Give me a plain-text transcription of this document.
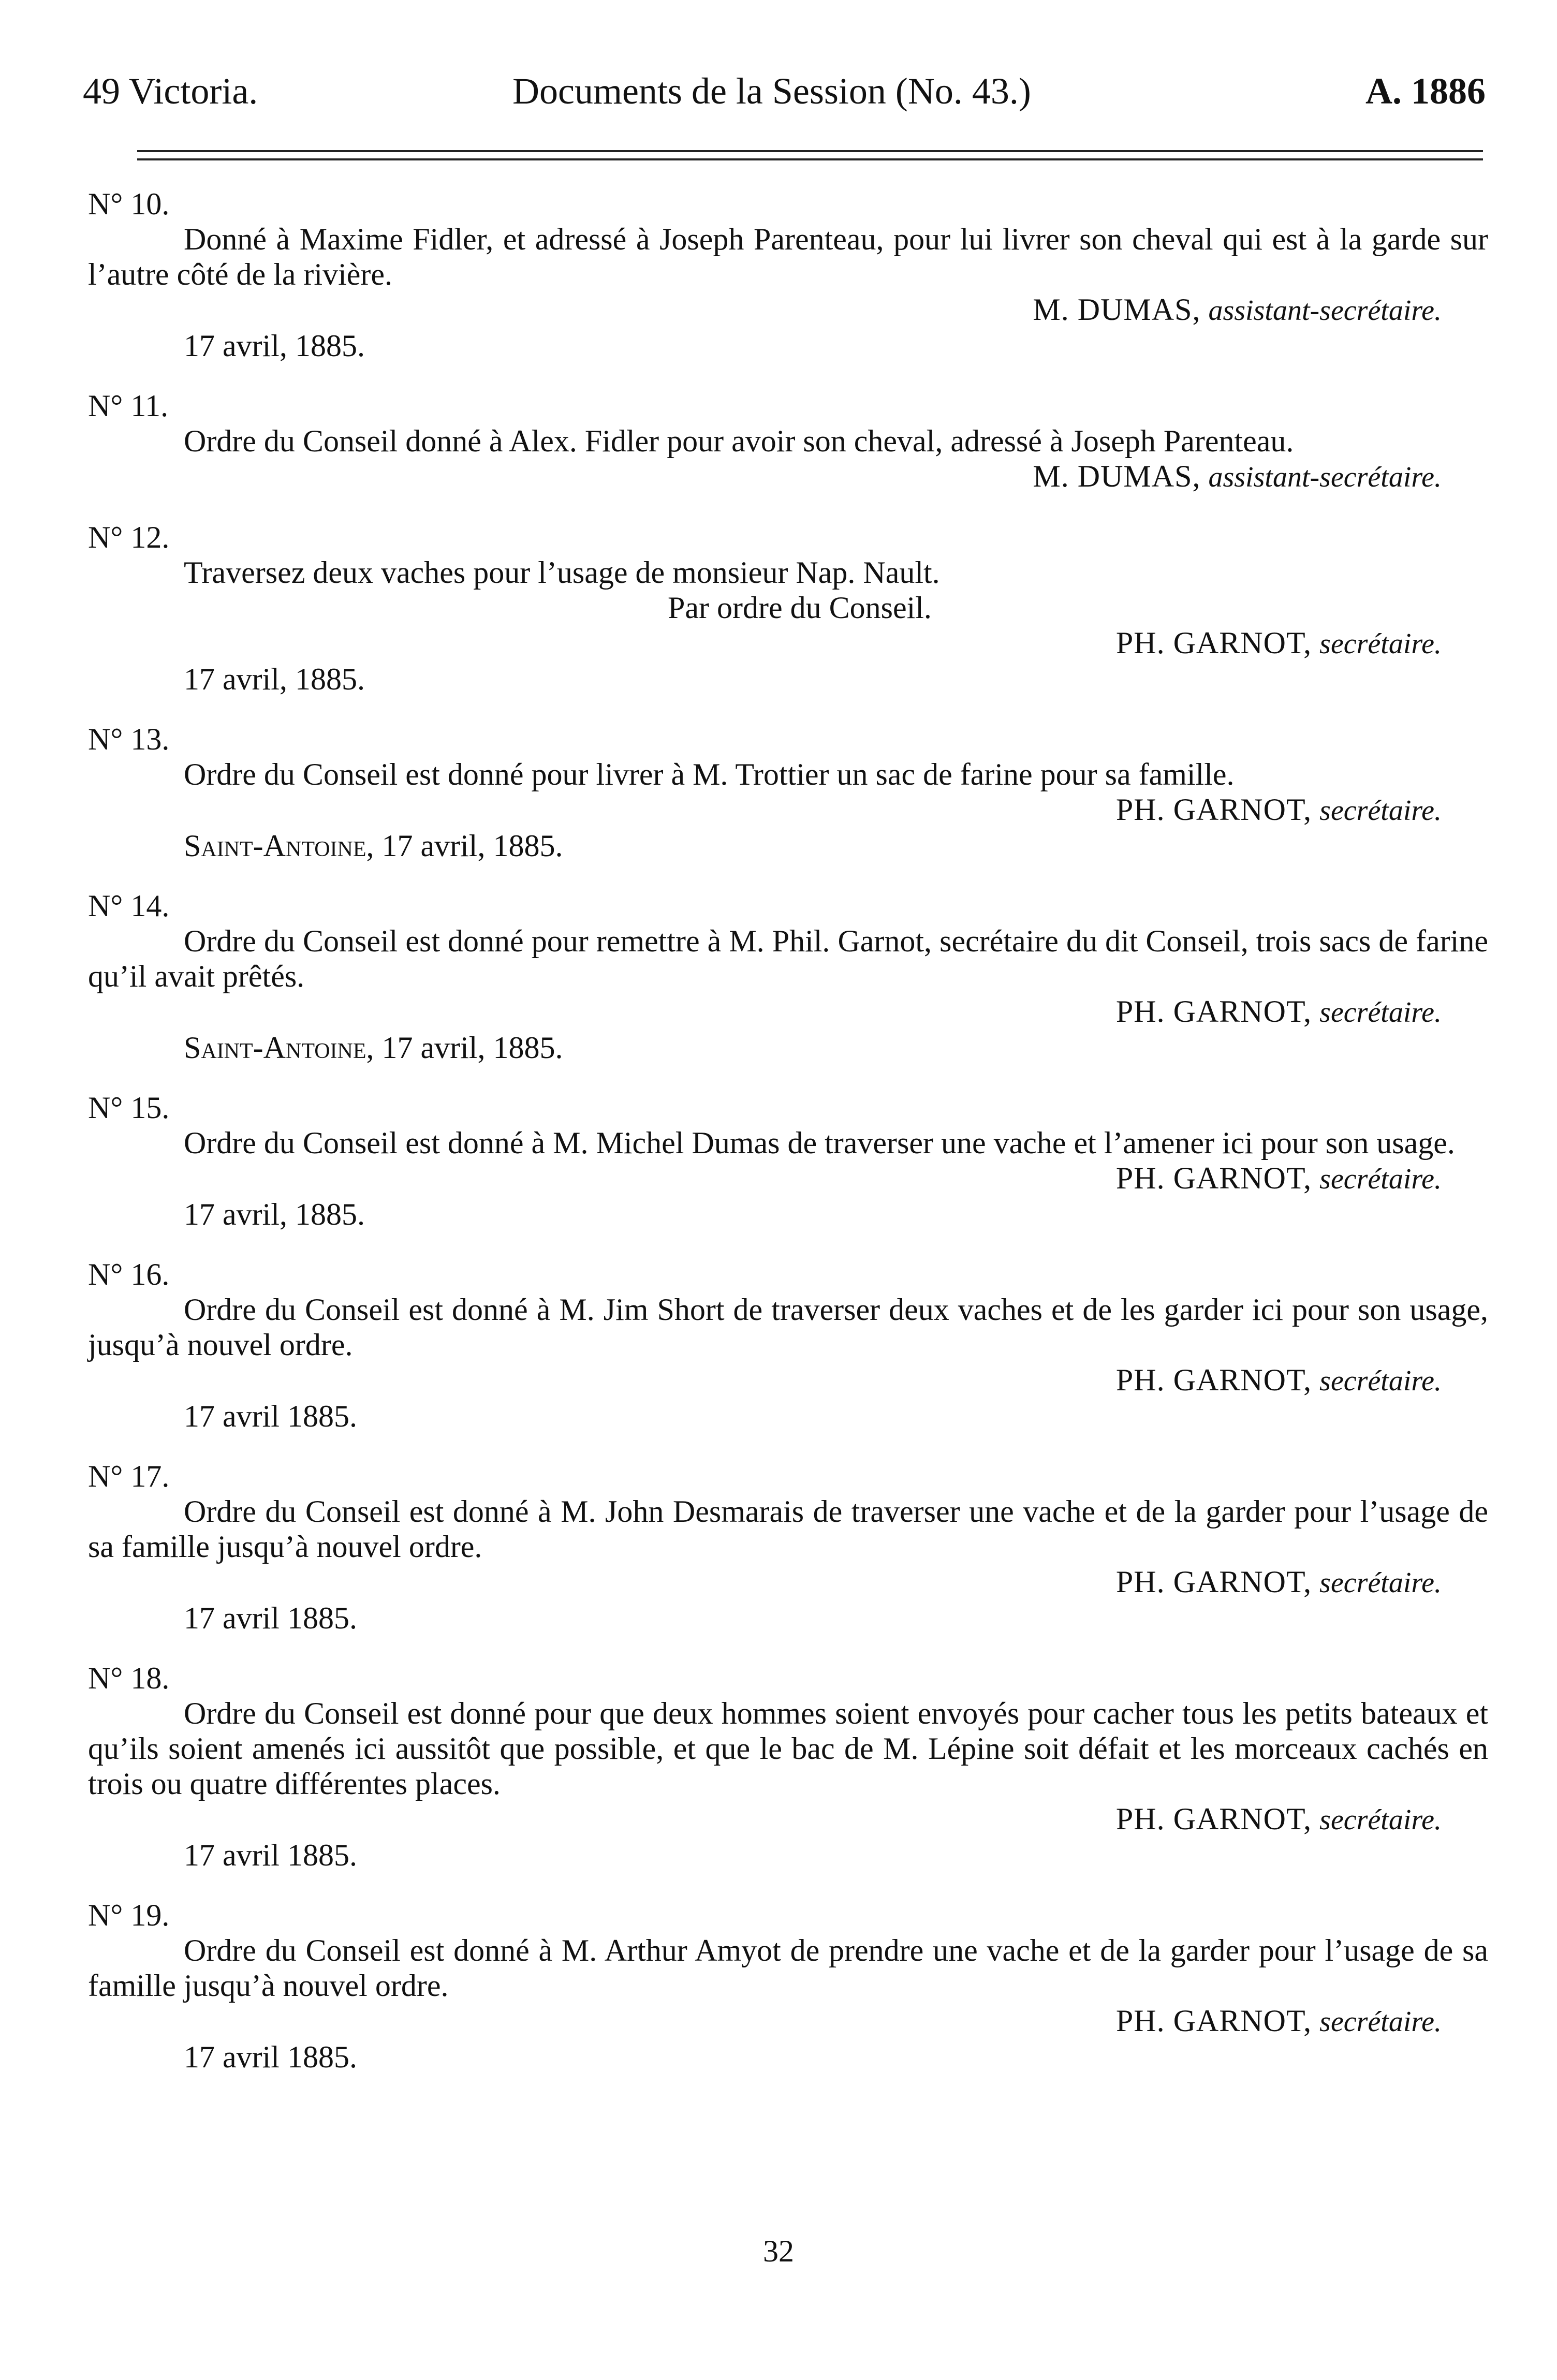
49 Victoria.	Documents de la Session (No. 43.)	A. 1886

N° 10.

Donné à Maxime Fidler, et adressé à Joseph Parenteau, pour lui livrer son cheval qui est à la garde sur l’autre côté de la rivière.

M. DUMAS, assistant-secrétaire.

17 avril, 1885.

N° 11.

Ordre du Conseil donné à Alex. Fidler pour avoir son cheval, adressé à Joseph Parenteau.

M. DUMAS, assistant-secrétaire.

N° 12.

Traversez deux vaches pour l’usage de monsieur Nap. Nault.

Par ordre du Conseil.

PH. GARNOT, secrétaire.

17 avril, 1885.

N° 13.

Ordre du Conseil est donné pour livrer à M. Trottier un sac de farine pour sa famille.

PH. GARNOT, secrétaire.

Saint-Antoine, 17 avril, 1885.

N° 14.

Ordre du Conseil est donné pour remettre à M. Phil. Garnot, secrétaire du dit Conseil, trois sacs de farine qu’il avait prêtés.

PH. GARNOT, secrétaire.

Saint-Antoine, 17 avril, 1885.

N° 15.

Ordre du Conseil est donné à M. Michel Dumas de traverser une vache et l’amener ici pour son usage.

PH. GARNOT, secrétaire.

17 avril, 1885.

N° 16.

Ordre du Conseil est donné à M. Jim Short de traverser deux vaches et de les garder ici pour son usage, jusqu’à nouvel ordre.

PH. GARNOT, secrétaire.

17 avril 1885.

N° 17.

Ordre du Conseil est donné à M. John Desmarais de traverser une vache et de la garder pour l’usage de sa famille jusqu’à nouvel ordre.

PH. GARNOT, secrétaire.

17 avril 1885.

N° 18.

Ordre du Conseil est donné pour que deux hommes soient envoyés pour cacher tous les petits bateaux et qu’ils soient amenés ici aussitôt que possible, et que le bac de M. Lépine soit défait et les morceaux cachés en trois ou quatre différentes places.

PH. GARNOT, secrétaire.

17 avril 1885.

N° 19.

Ordre du Conseil est donné à M. Arthur Amyot de prendre une vache et de la garder pour l’usage de sa famille jusqu’à nouvel ordre.

PH. GARNOT, secrétaire.

17 avril 1885.

32
